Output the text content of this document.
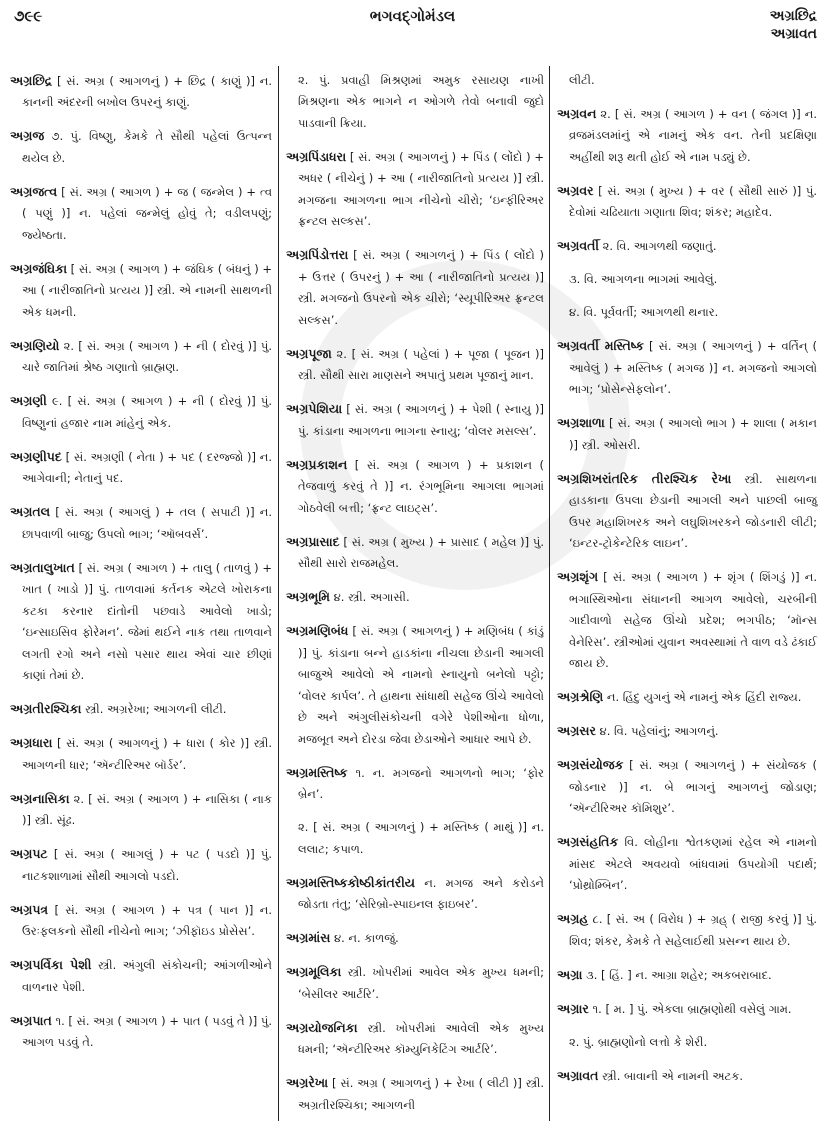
૭૯૯	ભગવદ્ગોમંડલ	અગ્રછિદ્ર
અગ્રાવત

અગ્રછિદ્ર [ સં. અગ્ર ( આગળનું ) + છિદ્ર ( કાણું )] ન. કાનની અંદરની બખોલ ઉપરનું કાણું.

અગ્રજ ૭. પું. વિષ્ણુ, કેમકે તે સૌથી પહેલાં ઉત્પન્ન થયેલ છે.

અગ્રજત્વ [ સં. અગ્ર ( આગળ ) + જ ( જન્મેલ ) + ત્વ ( પણું )] ન. પહેલાં જન્મેલું હોવું તે; વડીલપણું; જ્યેષ્ઠતા.

અગ્રજંઘિકા [ સં. અગ્ર ( આગળ ) + જંઘિક ( બંધનું ) + આ ( નારીજાતિનો પ્રત્યય )] સ્ત્રી. એ નામની સાથળની એક ધમની.

અગ્રણિયો ૨. [ સં. અગ્ર ( આગળ ) + ની ( દોરવું )] પું. ચારે જાતિમાં શ્રેષ્ઠ ગણાતો બ્રાહ્મણ.

અગ્રણી ૯. [ સં. અગ્ર ( આગળ ) + ની ( દોરવું )] પું. વિષ્ણુનાં હજાર નામ માંહેનું એક.

અગ્રણીપદ [ સં. અગ્રણી ( નેતા ) + પદ ( દરજ્જો )] ન. આગેવાની; નેતાનું પદ.

અગ્રતલ [ સં. અગ્ર ( આગલું ) + તલ ( સપાટી )] ન. છાપવાળી બાજુ; ઉપલો ભાગ; ‘ઑબવર્સ’.

અગ્રતાલુખાત [ સં. અગ્ર ( આગળ ) + તાલુ ( તાળવું ) + ખાત ( ખાડો )] પું. તાળવામાં કર્તનક એટલે ખોરાકના કટકા કરનાર દાંતોની પછવાડે આવેલો ખાડો; ‘ઇન્સાઇસિવ ફોરેમન’. જેમાં થઈને નાક તથા તાળવાને લગતી રગો અને નસો પસાર થાય એવાં ચાર છીણાં કાણાં તેમાં છે.

અગ્રતીરશ્ચિકા સ્ત્રી. અગ્રરેખા; આગળની લીટી.

અગ્રધારા [ સં. અગ્ર ( આગળનું ) + ધારા ( કોર )] સ્ત્રી. આગળની ધાર; ‘ઍન્ટીરિઅર બૉર્ડર’.

અગ્રનાસિકા ૨. [ સં. અગ્ર ( આગળ ) + નાસિકા ( નાક )] સ્ત્રી. સૂંઢ.

અગ્રપટ [ સં. અગ્ર ( આગલું ) + પટ ( પડદો )] પું. નાટકશાળામાં સૌથી આગલો પડદો.

અગ્રપત્ર [ સં. અગ્ર ( આગળ ) + પત્ર ( પાન )] ન. ઉરઃફલકનો સૌથી નીચેનો ભાગ; ‘ઝીફૉઇડ પ્રોસેસ’.

અગ્રપર્વિકા પેશી સ્ત્રી. અંગુલી સંકોચની; આંગળીઓને વાળનાર પેશી.

અગ્રપાત ૧. [ સં. અગ્ર ( આગળ ) + પાત ( પડવું તે )] પું. આગળ પડવું તે.

૨. પું. પ્રવાહી મિશ્રણમાં અમુક રસાયણ નાખી મિશ્રણના એક ભાગને ન ઓગળે તેવો બનાવી જુદો પાડવાની ક્રિયા.

અગ્રપિંડાધરા [ સં. અગ્ર ( આગળનું ) + પિંડ ( લોંદો ) + અધર ( નીચેનું ) + આ ( નારીજાતિનો પ્રત્યય )] સ્ત્રી. મગજના આગળના ભાગ નીચેનો ચીરો; ‘ઇન્ફીરિઅર ફ્રન્ટલ સલ્કસ’.

અગ્રપિંડોત્તરા [ સં. અગ્ર ( આગળનું ) + પિંડ ( લોંદો ) + ઉત્તર ( ઉપરનું ) + આ ( નારીજાતિનો પ્રત્યય )] સ્ત્રી. મગજનો ઉપરનો એક ચીરો; ‘સ્યૂપીરિઅર ફ્રન્ટલ સલ્કસ’.

અગ્રપૂજા ૨. [ સં. અગ્ર ( પહેલાં ) + પૂજા ( પૂજન )] સ્ત્રી. સૌથી સારા માણસને અપાતું પ્રથમ પૂજાનું માન.

અગ્રપેશિયા [ સં. અગ્ર ( આગળનું ) + પેશી ( સ્નાયુ )] પું. કાંડાના આગળના ભાગના સ્નાયુ; ‘વોલર મસલ્સ’.

અગ્રપ્રકાશન [ સં. અગ્ર ( આગળ ) + પ્રકાશન ( તેજવાળું કરવું તે )] ન. રંગભૂમિના આગલા ભાગમાં ગોઠવેલી બત્તી; ‘ફ્રન્ટ લાઇટ્સ’.

અગ્રપ્રાસાદ [ સં. અગ્ર ( મુખ્ય ) + પ્રાસાદ ( મહેલ )] પું. સૌથી સારો રાજમહેલ.

અગ્રભૂમિ ૪. સ્ત્રી. અગાસી.

અગ્રમણિબંધ [ સં. અગ્ર ( આગળનું ) + મણિબંધ ( કાંડું )] પું. કાંડાના બન્ને હાડકાંના નીચલા છેડાની આગલી બાજુએ આવેલો એ નામનો સ્નાયુનો બનેલો પટ્ટો; ‘વોલર કાર્પલ’. તે હાથના સાંધાથી સહેજ ઊંચે આવેલો છે અને અંગુલીસંકોચની વગેરે પેશીઓના ધોળા, મજબૂત અને દોરડા જેવા છેડાઓને આધાર આપે છે.

અગ્રમસ્તિષ્ક ૧. ન. મગજનો આગળનો ભાગ; ‘ફોર બ્રેન’.

૨. [ સં. અગ્ર ( આગળનું ) + મસ્તિષ્ક ( માથું )] ન. લલાટ; કપાળ.

અગ્રમસ્તિષ્કકોષ્ઠીકાંતરીય ન. મગજ અને કરોડને જોડતા તંતુ; ‘સેરિબ્રો-સ્પાઇનલ ફાઇબર’.

અગ્રમાંસ ૪. ન. કાળજું.

અગ્રમૂલિકા સ્ત્રી. ખોપરીમાં આવેલ એક મુખ્ય ધમની; ‘બેસીલર આર્ટરિ’.

અગ્રયોજનિકા સ્ત્રી. ખોપરીમાં આવેલી એક મુખ્ય ધમની; ‘ઍન્ટીરિઅર કૉમ્યુનિકેટિંગ આર્ટરિ’.

અગ્રરેખા [ સં. અગ્ર ( આગળનું ) + રેખા ( લીટી )] સ્ત્રી. અગ્રતીરશ્ચિકા; આગળની

લીટી.

અગ્રવન ૨. [ સં. અગ્ર ( આગળ ) + વન ( જંગલ )] ન. વ્રજમંડલમાંનું એ નામનું એક વન. તેની પ્રદક્ષિણા અહીંથી શરૂ થતી હોઈ એ નામ પડ્યું છે.

અગ્રવર [ સં. અગ્ર ( મુખ્ય ) + વર ( સૌથી સારું )] પું. દેવોમાં ચઢિયાતા ગણાતા શિવ; શંકર; મહાદેવ.

અગ્રવર્તી ૨. વિ. આગળથી જણાતું.

૩. વિ. આગળના ભાગમાં આવેલું.

૪. વિ. પૂર્વવર્તી; આગળથી થનાર.

અગ્રવર્તી મસ્તિષ્ક [ સં. અગ્ર ( આગળનું ) + વર્તિન્ ( આવેલું ) + મસ્તિષ્ક ( મગજ )] ન. મગજનો આગલો ભાગ; ‘પ્રોસેન્સેફલોન’.

અગ્રશાળા [ સં. અગ્ર ( આગલો ભાગ ) + શાલા ( મકાન )] સ્ત્રી. ઓસરી.

અગ્રશિખરાંતરિક તીરશ્ચિક રેખા સ્ત્રી. સાથળના હાડકાના ઉપલા છેડાની આગલી અને પાછલી બાજુ ઉપર મહાશિખરક અને લઘુશિખરકને જોડનારી લીટી; ‘ઇન્ટર-ટ્રોકેન્ટેરિક લાઇન’.

અગ્રશૃંગ [ સં. અગ્ર ( આગળ ) + શૃંગ ( શિંગડું )] ન. ભગાસ્થિઓના સંધાનની આગળ આવેલો, ચરબીની ગાદીવાળો સહેજ ઊંચો પ્રદેશ; ભગપીઠ; ‘મૉન્સ વેનેરિસ’. સ્ત્રીઓમાં યુવાન અવસ્થામાં તે વાળ વડે ઢંકાઈ જાય છે.

અગ્રશ્રેણિ ન. હિંદુ યુગનું એ નામનું એક હિંદી રાજ્ય.

અગ્રસર ૪. વિ. પહેલાંનું; આગળનું.

અગ્રસંયોજક [ સં. અગ્ર ( આગળનું ) + સંયોજક ( જોડનાર )] ન. બે ભાગનું આગળનું જોડાણ; ‘ઍન્ટીરિઅર કૉમિશુર’.

અગ્રસંહતિક વિ. લોહીના શ્વેતકણમાં રહેલ એ નામનો માંસદ એટલે અવયવો બાંધવામાં ઉપયોગી પદાર્થ; ‘પ્રોથ્રોમ્બિન’.

અગ્રહ ૮. [ સં. અ ( વિરોધ ) + ગ્રહ્ ( રાજી કરવું )] પું. શિવ; શંકર, કેમકે તે સહેલાઈથી પ્રસન્ન થાય છે.

અગ્રા ૩. [ હિં. ] ન. આગ્રા શહેર; અકબરાબાદ.

અગ્રાર ૧. [ મ. ] પું. એકલા બ્રાહ્મણોથી વસેલું ગામ.

૨. પું. બ્રાહ્મણોનો લત્તો કે શેરી.

અગ્રાવત સ્ત્રી. બાવાની એ નામની અટક.
